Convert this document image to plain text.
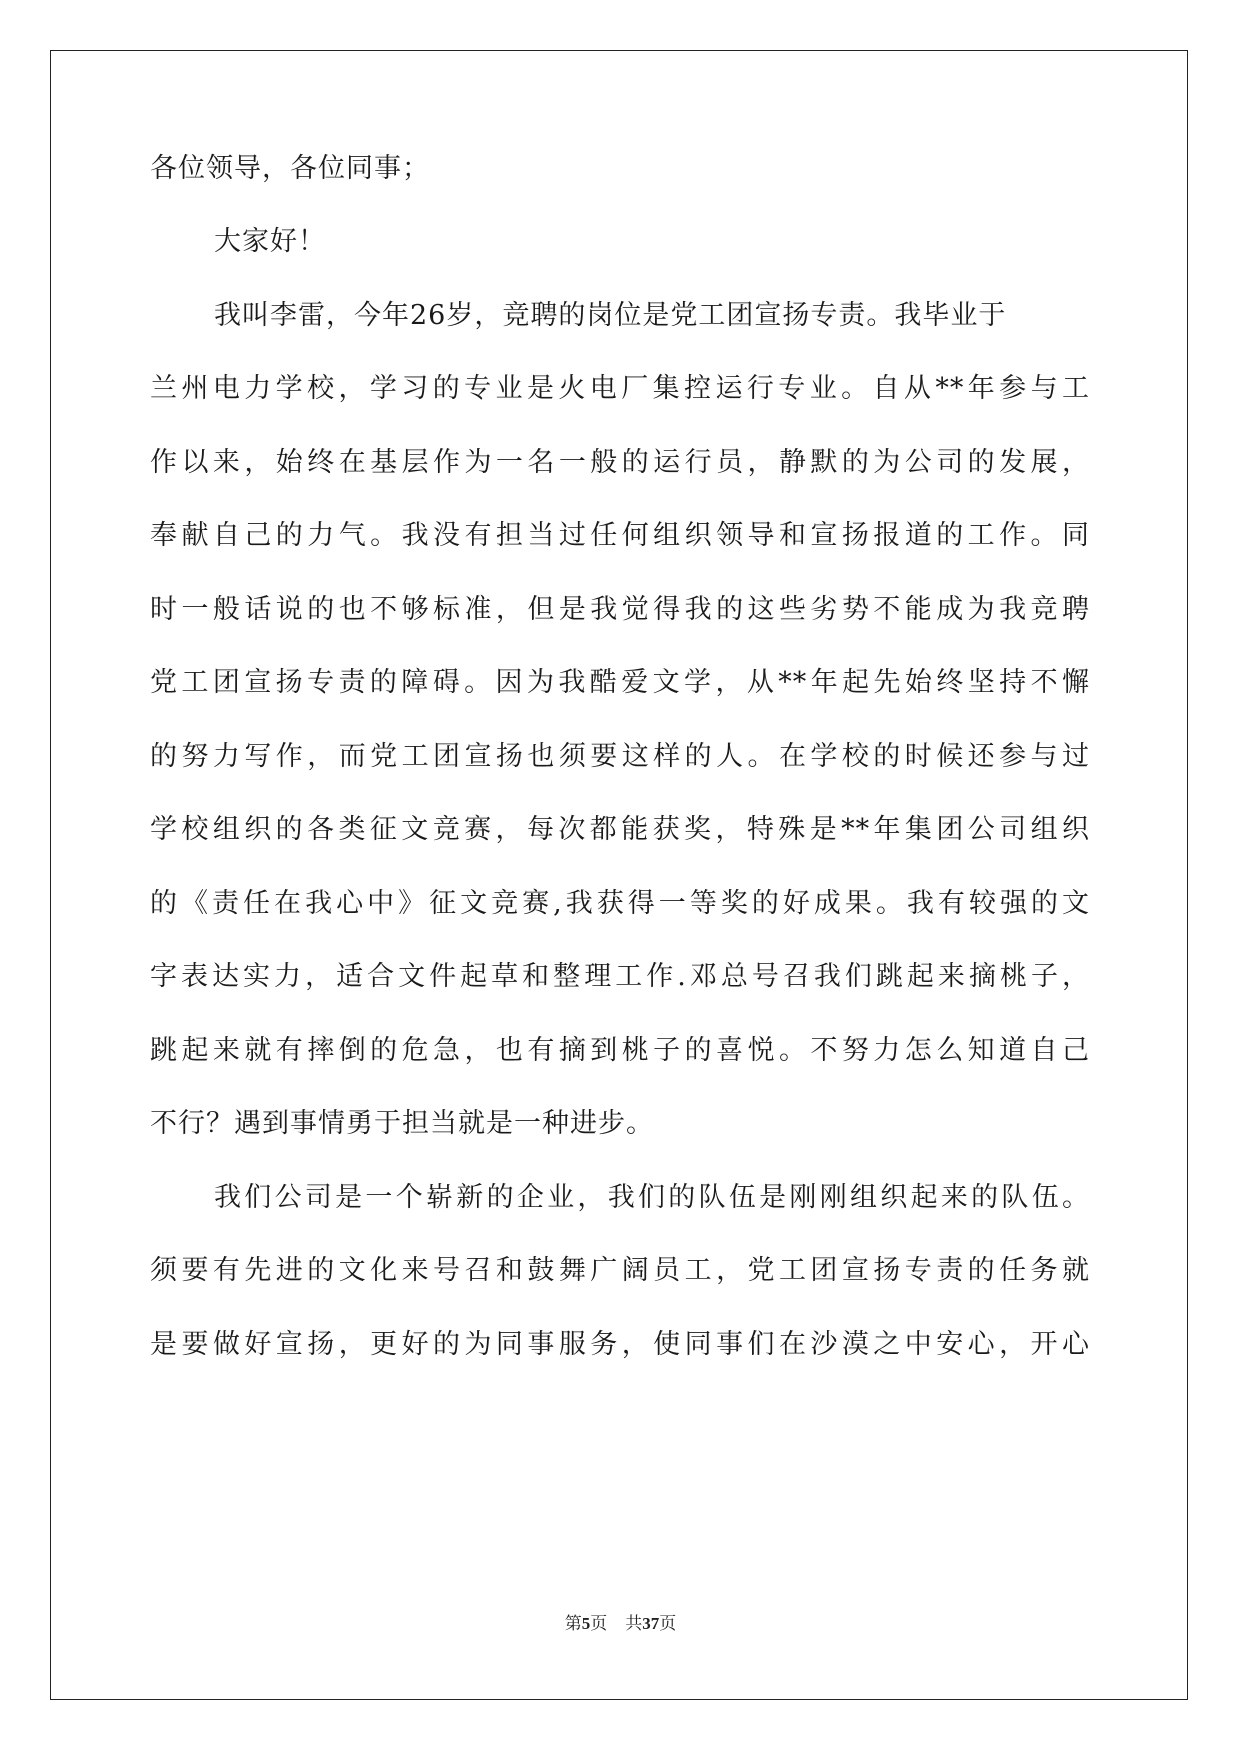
各位领导，各位同事；
大家好！
我叫李雷，今年26岁，竞聘的岗位是党工团宣扬专责。我毕业于
兰州电力学校，学习的专业是火电厂集控运行专业。自从**年参与工
作以来，始终在基层作为一名一般的运行员，静默的为公司的发展，
奉献自己的力气。我没有担当过任何组织领导和宣扬报道的工作。同
时一般话说的也不够标准，但是我觉得我的这些劣势不能成为我竞聘
党工团宣扬专责的障碍。因为我酷爱文学，从**年起先始终坚持不懈
的努力写作，而党工团宣扬也须要这样的人。在学校的时候还参与过
学校组织的各类征文竞赛，每次都能获奖，特殊是**年集团公司组织
的《责任在我心中》征文竞赛,我获得一等奖的好成果。我有较强的文
字表达实力，适合文件起草和整理工作.邓总号召我们跳起来摘桃子，
跳起来就有摔倒的危急，也有摘到桃子的喜悦。不努力怎么知道自己
不行？遇到事情勇于担当就是一种进步。
我们公司是一个崭新的企业，我们的队伍是刚刚组织起来的队伍。
须要有先进的文化来号召和鼓舞广阔员工，党工团宣扬专责的任务就
是要做好宣扬，更好的为同事服务，使同事们在沙漠之中安心，开心
第5页 共37页
